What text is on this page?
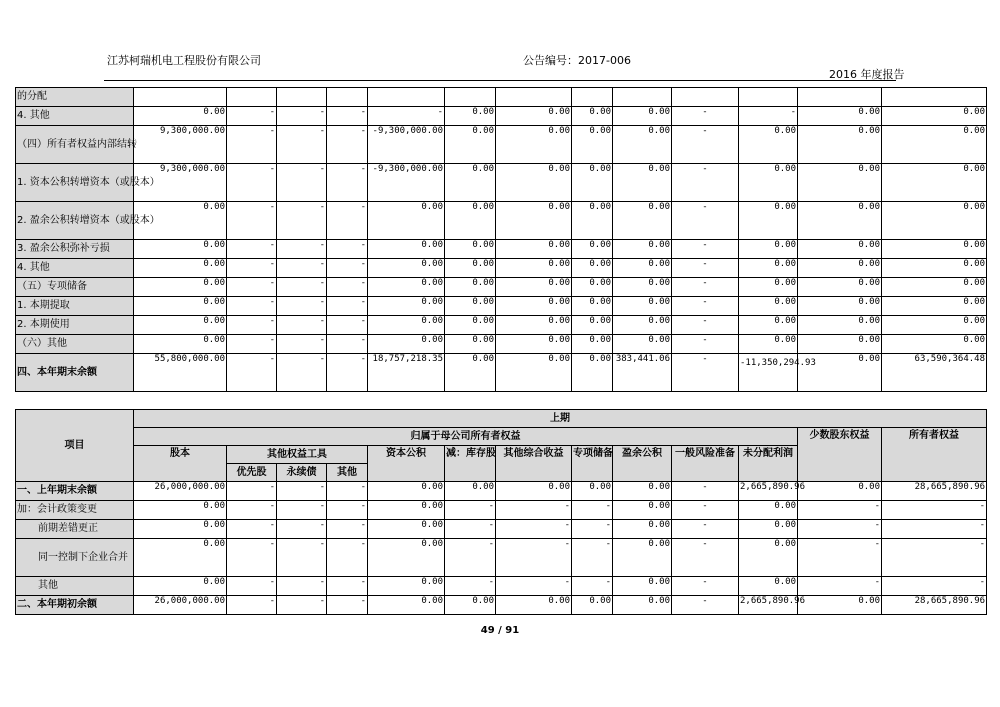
江苏柯瑞机电工程股份有限公司	公告编号：2017-006
2016 年度报告
的分配													
4. 其他	0.00	-	-	-	-	0.00	0.00	0.00	0.00	-	-	0.00	0.00
（四）所有者权益内部结转	9,300,000.00	-	-	-	-9,300,000.00	0.00	0.00	0.00	0.00	-	0.00	0.00	0.00
1. 资本公积转增资本（或股本）	9,300,000.00	-	-	-	-9,300,000.00	0.00	0.00	0.00	0.00	-	0.00	0.00	0.00
2. 盈余公积转增资本（或股本）	0.00	-	-	-	0.00	0.00	0.00	0.00	0.00	-	0.00	0.00	0.00
3. 盈余公积弥补亏损	0.00	-	-	-	0.00	0.00	0.00	0.00	0.00	-	0.00	0.00	0.00
4. 其他	0.00	-	-	-	0.00	0.00	0.00	0.00	0.00	-	0.00	0.00	0.00
（五）专项储备	0.00	-	-	-	0.00	0.00	0.00	0.00	0.00	-	0.00	0.00	0.00
1. 本期提取	0.00	-	-	-	0.00	0.00	0.00	0.00	0.00	-	0.00	0.00	0.00
2. 本期使用	0.00	-	-	-	0.00	0.00	0.00	0.00	0.00	-	0.00	0.00	0.00
（六）其他	0.00	-	-	-	0.00	0.00	0.00	0.00	0.00	-	0.00	0.00	0.00
四、本年期末余额	55,800,000.00	-	-	-	18,757,218.35	0.00	0.00	0.00	383,441.06	-	-11,350,294.93	0.00	63,590,364.48
项目	上期												
	归属于母公司所有者权益											少数股东权益	所有者权益
	股本	其他权益工具			资本公积	减：库存股	其他综合收益	专项储备	盈余公积	一般风险准备	未分配利润		
		优先股	永续债	其他									
一、上年期末余额	26,000,000.00	-	-	-	0.00	0.00	0.00	0.00	0.00	-	2,665,890.96	0.00	28,665,890.96
加：会计政策变更	0.00	-	-	-	0.00	-	-	-	0.00	-	0.00	-	-
前期差错更正	0.00	-	-	-	0.00	-	-	-	0.00	-	0.00	-	-
同一控制下企业合并	0.00	-	-	-	0.00	-	-	-	0.00	-	0.00	-	-
其他	0.00	-	-	-	0.00	-	-	-	0.00	-	0.00	-	-
二、本年期初余额	26,000,000.00	-	-	-	0.00	0.00	0.00	0.00	0.00	-	2,665,890.96	0.00	28,665,890.96
49 / 91
